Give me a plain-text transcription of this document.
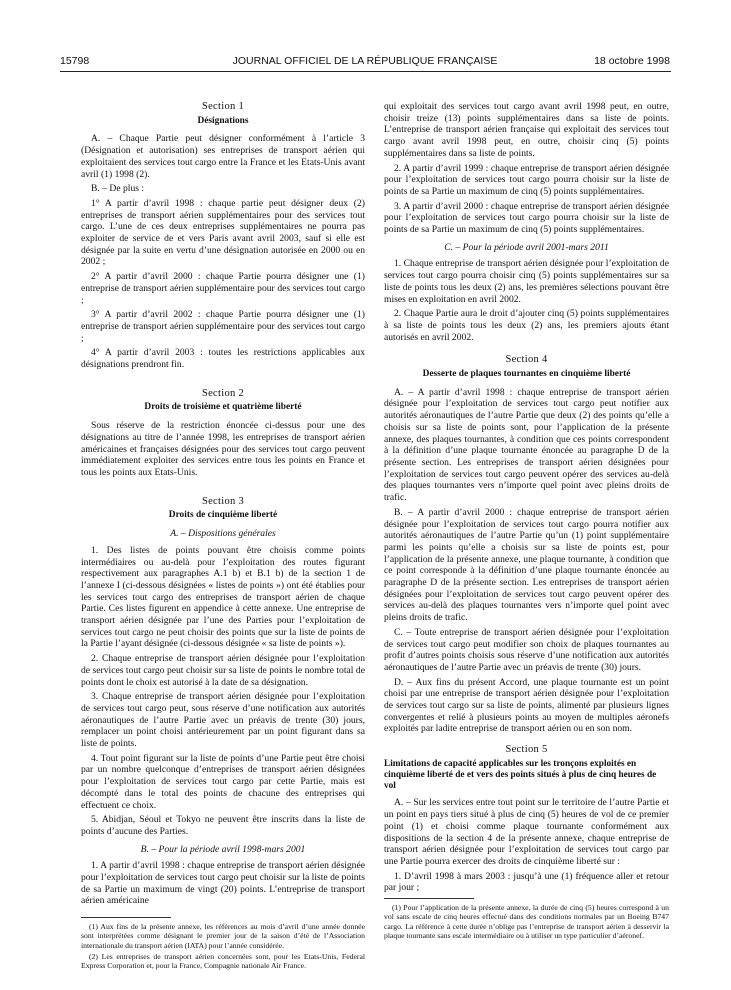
15798	JOURNAL OFFICIEL DE LA RÉPUBLIQUE FRANÇAISE	18 octobre 1998
Section 1
Désignations

A. – Chaque Partie peut désigner conformément à l’article 3 (Désignation et autorisation) ses entreprises de transport aérien qui exploitaient des services tout cargo entre la France et les Etats-Unis avant avril (1) 1998 (2).

B. – De plus :

1° A partir d’avril 1998 : chaque partie peut désigner deux (2) entreprises de transport aérien supplémentaires pour des services tout cargo. L’une de ces deux entreprises supplémentaires ne pourra pas exploiter de service de et vers Paris avant avril 2003, sauf si elle est désignée par la suite en vertu d’une désignation autorisée en 2000 ou en 2002 ;

2° A partir d’avril 2000 : chaque Partie pourra désigner une (1) entreprise de transport aérien supplémentaire pour des services tout cargo ;

3° A partir d’avril 2002 : chaque Partie pourra désigner une (1) entreprise de transport aérien supplémentaire pour des services tout cargo ;

4° A partir d’avril 2003 : toutes les restrictions applicables aux désignations prendront fin.

Section 2
Droits de troisième et quatrième liberté

Sous réserve de la restriction énoncée ci-dessus pour une des désignations au titre de l’année 1998, les entreprises de transport aérien américaines et françaises désignées pour des services tout cargo peuvent immédiatement exploiter des services entre tous les points en France et tous les points aux Etats-Unis.

Section 3
Droits de cinquième liberté
A. – Dispositions générales

1. Des listes de points pouvant être choisis comme points intermédiaires ou au-delà pour l’exploitation des routes figurant respectivement aux paragraphes A.1 b) et B.1 b) de la section 1 de l’annexe I (ci-dessous désignées « listes de points ») ont été établies pour les services tout cargo des entreprises de transport aérien de chaque Partie. Ces listes figurent en appendice à cette annexe. Une entreprise de transport aérien désignée par l’une des Parties pour l’exploitation de services tout cargo ne peut choisir des points que sur la liste de points de la Partie l’ayant désignée (ci-dessous désignée « sa liste de points »).

2. Chaque entreprise de transport aérien désignée pour l’exploitation de services tout cargo peut choisir sur sa liste de points le nombre total de points dont le choix est autorisé à la date de sa désignation.

3. Chaque entreprise de transport aérien désignée pour l’exploitation de services tout cargo peut, sous réserve d’une notification aux autorités aéronautiques de l’autre Partie avec un préavis de trente (30) jours, remplacer un point choisi antérieurement par un point figurant dans sa liste de points.

4. Tout point figurant sur la liste de points d’une Partie peut être choisi par un nombre quelconque d’entreprises de transport aérien désignées pour l’exploitation de services tout cargo par cette Partie, mais est décompté dans le total des points de chacune des entreprises qui effectuent ce choix.

5. Abidjan, Séoul et Tokyo ne peuvent être inscrits dans la liste de points d’aucune des Parties.

B. – Pour la période avril 1998-mars 2001

1. A partir d’avril 1998 : chaque entreprise de transport aérien désignée pour l’exploitation de services tout cargo peut choisir sur la liste de points de sa Partie un maximum de vingt (20) points. L’entreprise de transport aérien américaine

(1) Aux fins de la présente annexe, les références au mois d’avril d’une année donnée sont interprétées comme désignant le premier jour de la saison d’été de l’Association internationale du transport aérien (IATA) pour l’année considérée.
(2) Les entreprises de transport aérien concernées sont, pour les Etats-Unis, Federal Express Corporation et, pour la France, Compagnie nationale Air France.

qui exploitait des services tout cargo avant avril 1998 peut, en outre, choisir treize (13) points supplémentaires dans sa liste de points. L’entreprise de transport aérien française qui exploitait des services tout cargo avant avril 1998 peut, en outre, choisir cinq (5) points supplémentaires dans sa liste de points.

2. A partir d’avril 1999 : chaque entreprise de transport aérien désignée pour l’exploitation de services tout cargo pourra choisir sur la liste de points de sa Partie un maximum de cinq (5) points supplémentaires.

3. A partir d’avril 2000 : chaque entreprise de transport aérien désignée pour l’exploitation de services tout cargo pourra choisir sur la liste de points de sa Partie un maximum de cinq (5) points supplémentaires.

C. – Pour la période avril 2001-mars 2011

1. Chaque entreprise de transport aérien désignée pour l’exploitation de services tout cargo pourra choisir cinq (5) points supplémentaires sur sa liste de points tous les deux (2) ans, les premières sélections pouvant être mises en exploitation en avril 2002.

2. Chaque Partie aura le droit d’ajouter cinq (5) points supplémentaires à sa liste de points tous les deux (2) ans, les premiers ajouts étant autorisés en avril 2002.

Section 4
Desserte de plaques tournantes en cinquième liberté

A. – A partir d’avril 1998 : chaque entreprise de transport aérien désignée pour l’exploitation de services tout cargo peut notifier aux autorités aéronautiques de l’autre Partie que deux (2) des points qu’elle a choisis sur sa liste de points sont, pour l’application de la présente annexe, des plaques tournantes, à condition que ces points correspondent à la définition d’une plaque tournante énoncée au paragraphe D de la présente section. Les entreprises de transport aérien désignées pour l’exploitation de services tout cargo peuvent opérer des services au-delà des plaques tournantes vers n’importe quel point avec pleins droits de trafic.

B. – A partir d’avril 2000 : chaque entreprise de transport aérien désignée pour l’exploitation de services tout cargo pourra notifier aux autorités aéronautiques de l’autre Partie qu’un (1) point supplémentaire parmi les points qu’elle a choisis sur sa liste de points est, pour l’application de la présente annexe, une plaque tournante, à condition que ce point corresponde à la définition d’une plaque tournante énoncée au paragraphe D de la présente section. Les entreprises de transport aérien désignées pour l’exploitation de services tout cargo peuvent opérer des services au-delà des plaques tournantes vers n’importe quel point avec pleins droits de trafic.

C. – Toute entreprise de transport aérien désignée pour l’exploitation de services tout cargo peut modifier son choix de plaques tournantes au profit d’autres points choisis sous réserve d’une notification aux autorités aéronautiques de l’autre Partie avec un préavis de trente (30) jours.

D. – Aux fins du présent Accord, une plaque tournante est un point choisi par une entreprise de transport aérien désignée pour l’exploitation de services tout cargo sur sa liste de points, alimenté par plusieurs lignes convergentes et relié à plusieurs points au moyen de multiples aéronefs exploités par ladite entreprise de transport aérien ou en son nom.

Section 5
Limitations de capacité applicables sur les tronçons exploités en cinquième liberté de et vers des points situés à plus de cinq heures de vol

A. – Sur les services entre tout point sur le territoire de l’autre Partie et un point en pays tiers situé à plus de cinq (5) heures de vol de ce premier point (1) et choisi comme plaque tournante conformément aux dispositions de la section 4 de la présente annexe, chaque entreprise de transport aérien désignée pour l’exploitation de services tout cargo par une Partie pourra exercer des droits de cinquième liberté sur :

1. D’avril 1998 à mars 2003 : jusqu’à une (1) fréquence aller et retour par jour ;

(1) Pour l’application de la présente annexe, la durée de cinq (5) heures correspond à un vol sans escale de cinq heures effectué dans des conditions normales par un Boeing B747 cargo. La référence à cette durée n’oblige pas l’entreprise de transport aérien à desservir la plaque tournante sans escale intermédiaire ou à utiliser un type particulier d’aéronef.
